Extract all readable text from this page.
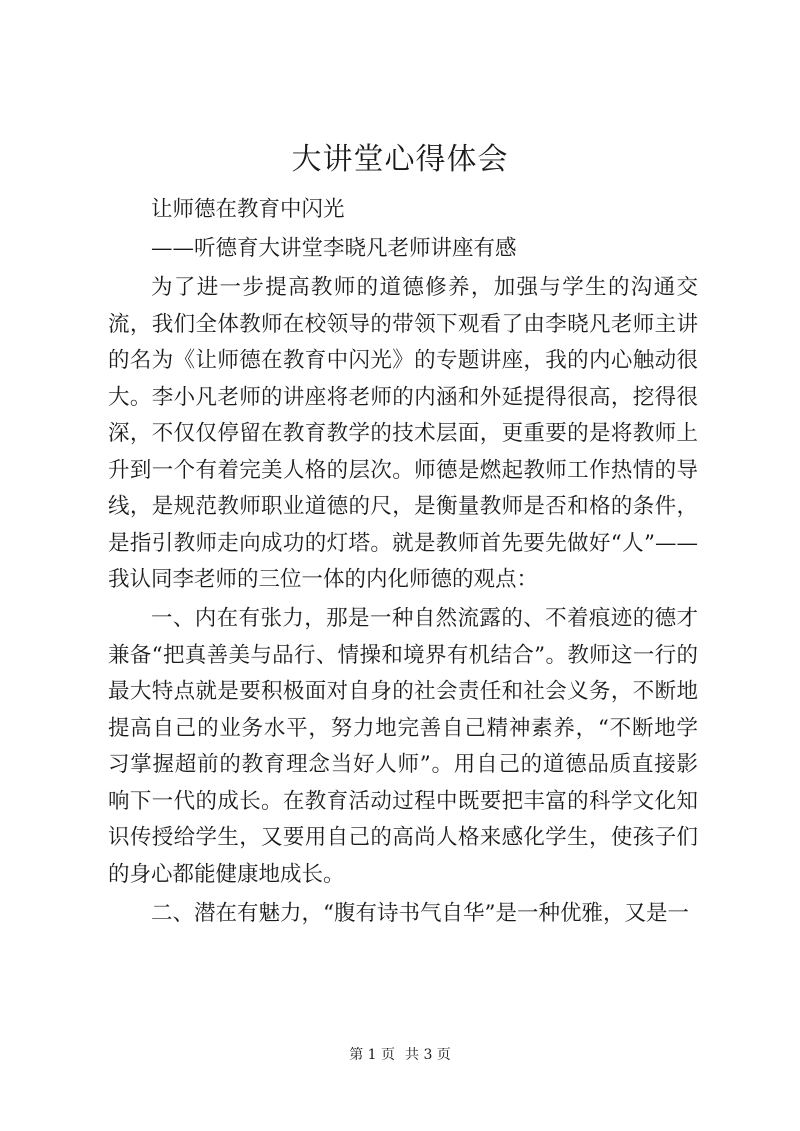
大讲堂心得体会

让师德在教育中闪光

——听德育大讲堂李晓凡老师讲座有感

为了进一步提高教师的道德修养，加强与学生的沟通交流，我们全体教师在校领导的带领下观看了由李晓凡老师主讲的名为《让师德在教育中闪光》的专题讲座，我的内心触动很大。李小凡老师的讲座将老师的内涵和外延提得很高，挖得很深，不仅仅停留在教育教学的技术层面，更重要的是将教师上升到一个有着完美人格的层次。师德是燃起教师工作热情的导线，是规范教师职业道德的尺，是衡量教师是否和格的条件，是指引教师走向成功的灯塔。就是教师首先要先做好“人”——我认同李老师的三位一体的内化师德的观点：

一、内在有张力，那是一种自然流露的、不着痕迹的德才兼备“把真善美与品行、情操和境界有机结合”。教师这一行的最大特点就是要积极面对自身的社会责任和社会义务，不断地提高自己的业务水平，努力地完善自己精神素养，“不断地学习掌握超前的教育理念当好人师”。用自己的道德品质直接影响下一代的成长。在教育活动过程中既要把丰富的科学文化知识传授给学生，又要用自己的高尚人格来感化学生，使孩子们的身心都能健康地成长。

二、潜在有魅力，“腹有诗书气自华”是一种优雅，又是一

第 1 页 共 3 页
